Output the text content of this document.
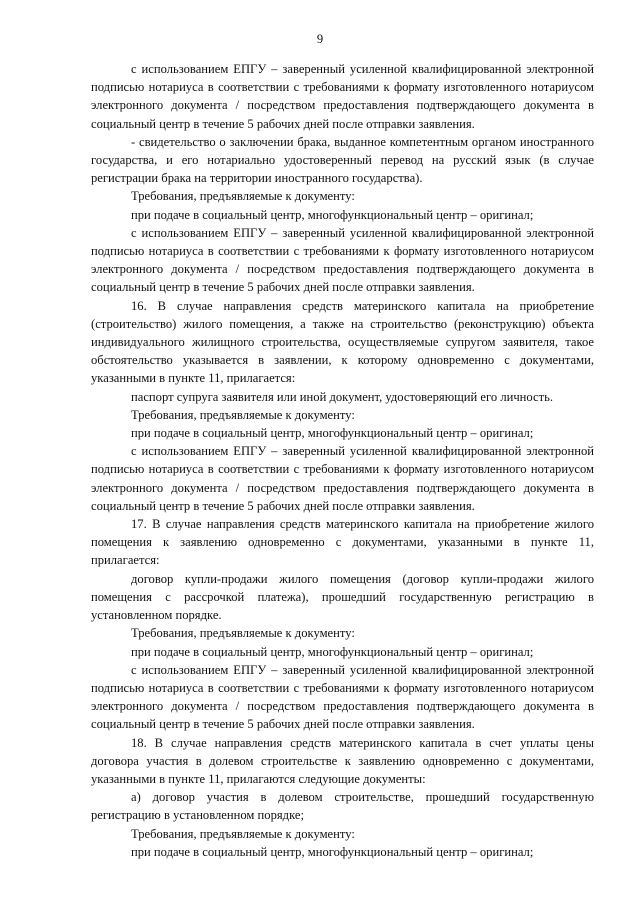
9

с использованием ЕПГУ – заверенный усиленной квалифицированной электронной подписью нотариуса в соответствии с требованиями к формату изготовленного нотариусом электронного документа / посредством предоставления подтверждающего документа в социальный центр в течение 5 рабочих дней после отправки заявления.

- свидетельство о заключении брака, выданное компетентным органом иностранного государства, и его нотариально удостоверенный перевод на русский язык (в случае регистрации брака на территории иностранного государства).

Требования, предъявляемые к документу:

при подаче в социальный центр, многофункциональный центр – оригинал;

с использованием ЕПГУ – заверенный усиленной квалифицированной электронной подписью нотариуса в соответствии с требованиями к формату изготовленного нотариусом электронного документа / посредством предоставления подтверждающего документа в социальный центр в течение 5 рабочих дней после отправки заявления.

16. В случае направления средств материнского капитала на приобретение (строительство) жилого помещения, а также на строительство (реконструкцию) объекта индивидуального жилищного строительства, осуществляемые супругом заявителя, такое обстоятельство указывается в заявлении, к которому одновременно с документами, указанными в пункте 11, прилагается:

паспорт супруга заявителя или иной документ, удостоверяющий его личность.

Требования, предъявляемые к документу:

при подаче в социальный центр, многофункциональный центр – оригинал;

с использованием ЕПГУ – заверенный усиленной квалифицированной электронной подписью нотариуса в соответствии с требованиями к формату изготовленного нотариусом электронного документа / посредством предоставления подтверждающего документа в социальный центр в течение 5 рабочих дней после отправки заявления.

17. В случае направления средств материнского капитала на приобретение жилого помещения к заявлению одновременно с документами, указанными в пункте 11, прилагается:

договор купли-продажи жилого помещения (договор купли-продажи жилого помещения с рассрочкой платежа), прошедший государственную регистрацию в установленном порядке.

Требования, предъявляемые к документу:

при подаче в социальный центр, многофункциональный центр – оригинал;

с использованием ЕПГУ – заверенный усиленной квалифицированной электронной подписью нотариуса в соответствии с требованиями к формату изготовленного нотариусом электронного документа / посредством предоставления подтверждающего документа в социальный центр в течение 5 рабочих дней после отправки заявления.

18. В случае направления средств материнского капитала в счет уплаты цены договора участия в долевом строительстве к заявлению одновременно с документами, указанными в пункте 11, прилагаются следующие документы:

а) договор участия в долевом строительстве, прошедший государственную регистрацию в установленном порядке;

Требования, предъявляемые к документу:

при подаче в социальный центр, многофункциональный центр – оригинал;
